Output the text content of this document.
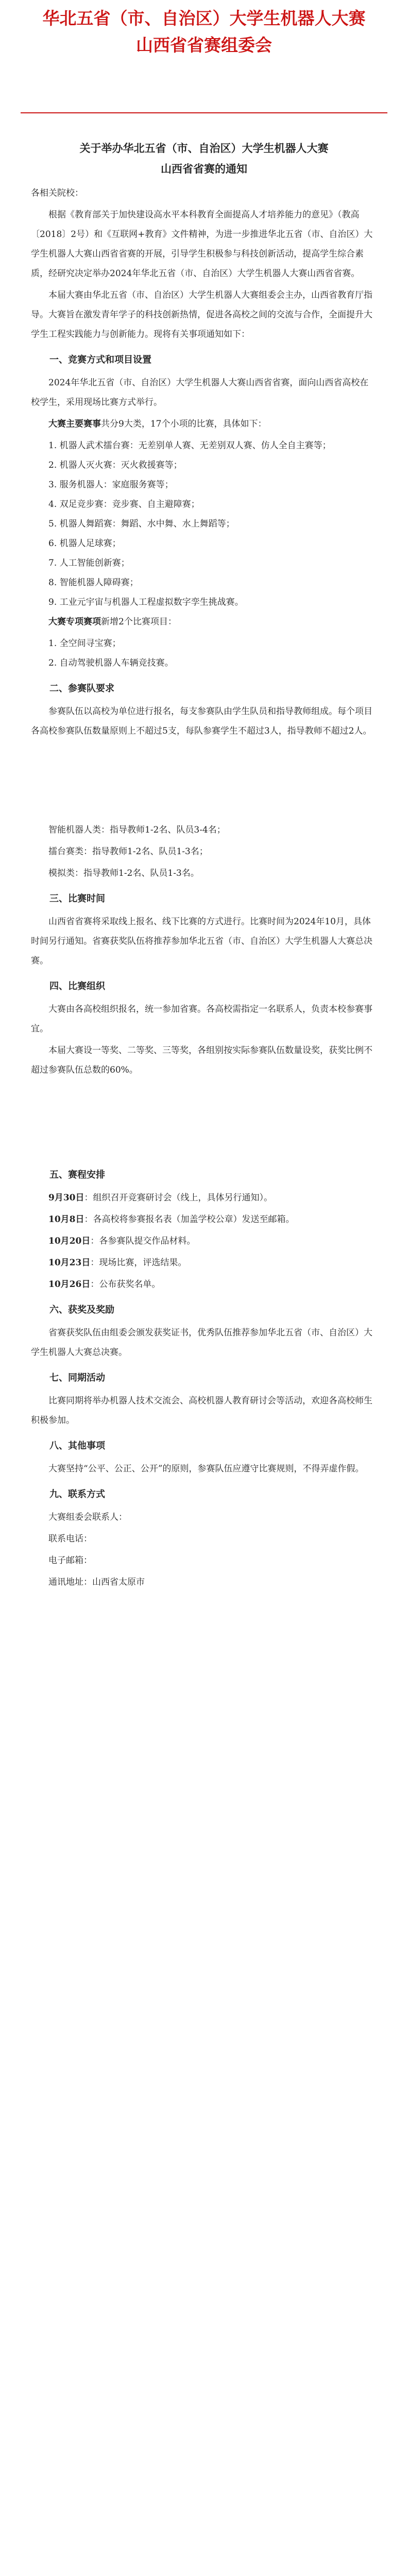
华北五省（市、自治区）大学生机器人大赛
山西省省赛组委会
关于举办华北五省（市、自治区）大学生机器人大赛
山西省省赛的通知

各相关院校：

根据《教育部关于加快建设高水平本科教育全面提高人才培养能力的意见》（教高〔2018〕2号）和《互联网+教育》文件精神，为进一步推进华北五省（市、自治区）大学生机器人大赛山西省省赛的开展，引导学生积极参与科技创新活动，提高学生综合素质，经研究决定举办2024年华北五省（市、自治区）大学生机器人大赛山西省省赛。

本届大赛由华北五省（市、自治区）大学生机器人大赛组委会主办，山西省教育厅指导。大赛旨在激发青年学子的科技创新热情，促进各高校之间的交流与合作，全面提升大学生工程实践能力与创新能力。现将有关事项通知如下：

一、竞赛方式和项目设置

2024年华北五省（市、自治区）大学生机器人大赛山西省省赛，面向山西省高校在校学生，采用现场比赛方式举行。

大赛主要赛事共分9大类，17个小项的比赛，具体如下：

1. 机器人武术擂台赛：无差别单人赛、无差别双人赛、仿人全自主赛等；

2. 机器人灭火赛：灭火救援赛等；

3. 服务机器人：家庭服务赛等；

4. 双足竞步赛：竞步赛、自主避障赛；

5. 机器人舞蹈赛：舞蹈、水中舞、水上舞蹈等；

6. 机器人足球赛；

7. 人工智能创新赛；

8. 智能机器人障碍赛；

9. 工业元宇宙与机器人工程虚拟数字孪生挑战赛。

大赛专项赛项新增2个比赛项目：

1. 全空间寻宝赛；

2. 自动驾驶机器人车辆竞技赛。

二、参赛队要求

参赛队伍以高校为单位进行报名，每支参赛队由学生队员和指导教师组成。每个项目各高校参赛队伍数量原则上不超过5支，每队参赛学生不超过3人，指导教师不超过2人。

智能机器人类：指导教师1-2名、队员3-4名；

擂台赛类：指导教师1-2名、队员1-3名；

模拟类：指导教师1-2名、队员1-3名。

三、比赛时间

山西省省赛将采取线上报名、线下比赛的方式进行。比赛时间为2024年10月，具体时间另行通知。省赛获奖队伍将推荐参加华北五省（市、自治区）大学生机器人大赛总决赛。

四、比赛组织

大赛由各高校组织报名，统一参加省赛。各高校需指定一名联系人，负责本校参赛事宜。

本届大赛设一等奖、二等奖、三等奖，各组别按实际参赛队伍数量设奖，获奖比例不超过参赛队伍总数的60%。

五、赛程安排

9月30日：组织召开竞赛研讨会（线上，具体另行通知）。

10月8日：各高校将参赛报名表（加盖学校公章）发送至邮箱。

10月20日：各参赛队提交作品材料。

10月23日：现场比赛，评选结果。

10月26日：公布获奖名单。

六、获奖及奖励

省赛获奖队伍由组委会颁发获奖证书，优秀队伍推荐参加华北五省（市、自治区）大学生机器人大赛总决赛。

七、同期活动

比赛同期将举办机器人技术交流会、高校机器人教育研讨会等活动，欢迎各高校师生积极参加。

八、其他事项

大赛坚持“公平、公正、公开”的原则，参赛队伍应遵守比赛规则，不得弄虚作假。

九、联系方式

大赛组委会联系人：

联系电话：

电子邮箱：

通讯地址：山西省太原市
